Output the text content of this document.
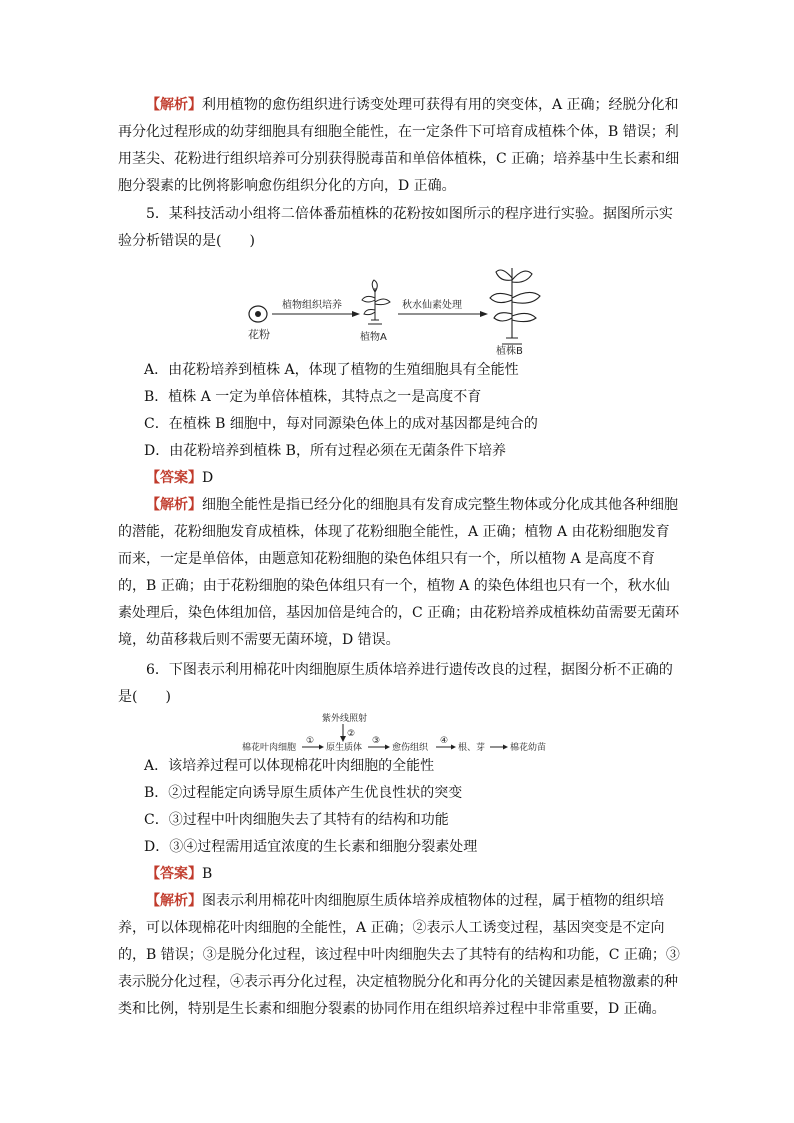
【解析】利用植物的愈伤组织进行诱变处理可获得有用的突变体，A 正确；经脱分化和再分化过程形成的幼芽细胞具有细胞全能性，在一定条件下可培育成植株个体，B 错误；利用茎尖、花粉进行组织培养可分别获得脱毒苗和单倍体植株，C 正确；培养基中生长素和细胞分裂素的比例将影响愈伤组织分化的方向，D 正确。

5．某科技活动小组将二倍体番茄植株的花粉按如图所示的程序进行实验。据图所示实验分析错误的是(　　)

花粉
植物组织培养
植物A
秋水仙素处理
植株B

A．由花粉培养到植株 A，体现了植物的生殖细胞具有全能性

B．植株 A 一定为单倍体植株，其特点之一是高度不育

C．在植株 B 细胞中，每对同源染色体上的成对基因都是纯合的

D．由花粉培养到植株 B，所有过程必须在无菌条件下培养

【答案】D

【解析】细胞全能性是指已经分化的细胞具有发育成完整生物体或分化成其他各种细胞的潜能，花粉细胞发育成植株，体现了花粉细胞全能性，A 正确；植物 A 由花粉细胞发育而来，一定是单倍体，由题意知花粉细胞的染色体组只有一个，所以植物 A 是高度不育的，B 正确；由于花粉细胞的染色体组只有一个，植物 A 的染色体组也只有一个，秋水仙素处理后，染色体组加倍，基因加倍是纯合的，C 正确；由花粉培养成植株幼苗需要无菌环境，幼苗移栽后则不需要无菌环境，D 错误。

6．下图表示利用棉花叶肉细胞原生质体培养进行遗传改良的过程，据图分析不正确的是(　　)

紫外线照射
②
棉花叶肉细胞
①
原生质体
③
愈伤组织
④
根、芽	棉花幼苗

A．该培养过程可以体现棉花叶肉细胞的全能性

B．②过程能定向诱导原生质体产生优良性状的突变

C．③过程中叶肉细胞失去了其特有的结构和功能

D．③④过程需用适宜浓度的生长素和细胞分裂素处理

【答案】B

【解析】图表示利用棉花叶肉细胞原生质体培养成植物体的过程，属于植物的组织培养，可以体现棉花叶肉细胞的全能性，A 正确；②表示人工诱变过程，基因突变是不定向的，B 错误；③是脱分化过程，该过程中叶肉细胞失去了其特有的结构和功能，C 正确；③表示脱分化过程，④表示再分化过程，决定植物脱分化和再分化的关键因素是植物激素的种类和比例，特别是生长素和细胞分裂素的协同作用在组织培养过程中非常重要，D 正确。
